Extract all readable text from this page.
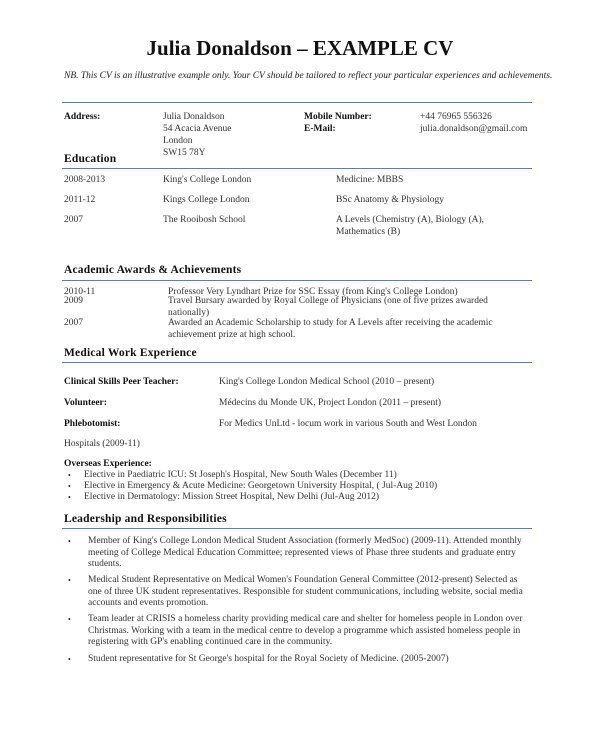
Julia Donaldson – EXAMPLE CV
NB. This CV is an illustrative example only. Your CV should be tailored to reflect your particular experiences and achievements.
Address:	Julia Donaldson
54 Acacia Avenue
London
SW15 78Y
Mobile Number:	+44 76965 556326
E-Mail:	julia.donaldson@gmail.com
Education
2008-2013	King's College London	Medicine: MBBS
2011-12	Kings College London	BSc Anatomy & Physiology
2007	The Rooibosh School	A Levels (Chemistry (A), Biology (A), Mathematics (B)
Academic Awards & Achievements
2010-11	Professor Very Lyndhart Prize for SSC Essay (from King's College London)
2009	Travel Bursary awarded by Royal College of Physicians (one of five prizes awarded nationally)
2007	Awarded an Academic Scholarship to study for A Levels after receiving the academic achievement prize at high school.
Medical Work Experience
Clinical Skills Peer Teacher:	King's College London Medical School (2010 – present)
Volunteer:	Médecins du Monde UK, Project London (2011 – present)
Phlebotomist:	For Medics UnLtd - locum work in various South and West London
Hospitals (2009-11)
Overseas Experience:
• Elective in Paediatric ICU: St Joseph's Hospital, New South Wales (December 11)
• Elective in Emergency & Acute Medicine: Georgetown University Hospital, ( Jul-Aug 2010)
• Elective in Dermatology: Mission Street Hospital, New Delhi (Jul-Aug 2012)
Leadership and Responsibilities
• Member of King's College London Medical Student Association (formerly MedSoc) (2009-11). Attended monthly meeting of College Medical Education Committee; represented views of Phase three students and graduate entry students.
• Medical Student Representative on Medical Women's Foundation General Committee (2012-present) Selected as one of three UK student representatives. Responsible for student communications, including website, social media accounts and events promotion.
• Team leader at CRISIS a homeless charity providing medical care and shelter for homeless people in London over Christmas. Working with a team in the medical centre to develop a programme which assisted homeless people in registering with GP's enabling continued care in the community.
• Student representative for St George's hospital for the Royal Society of Medicine. (2005-2007)
